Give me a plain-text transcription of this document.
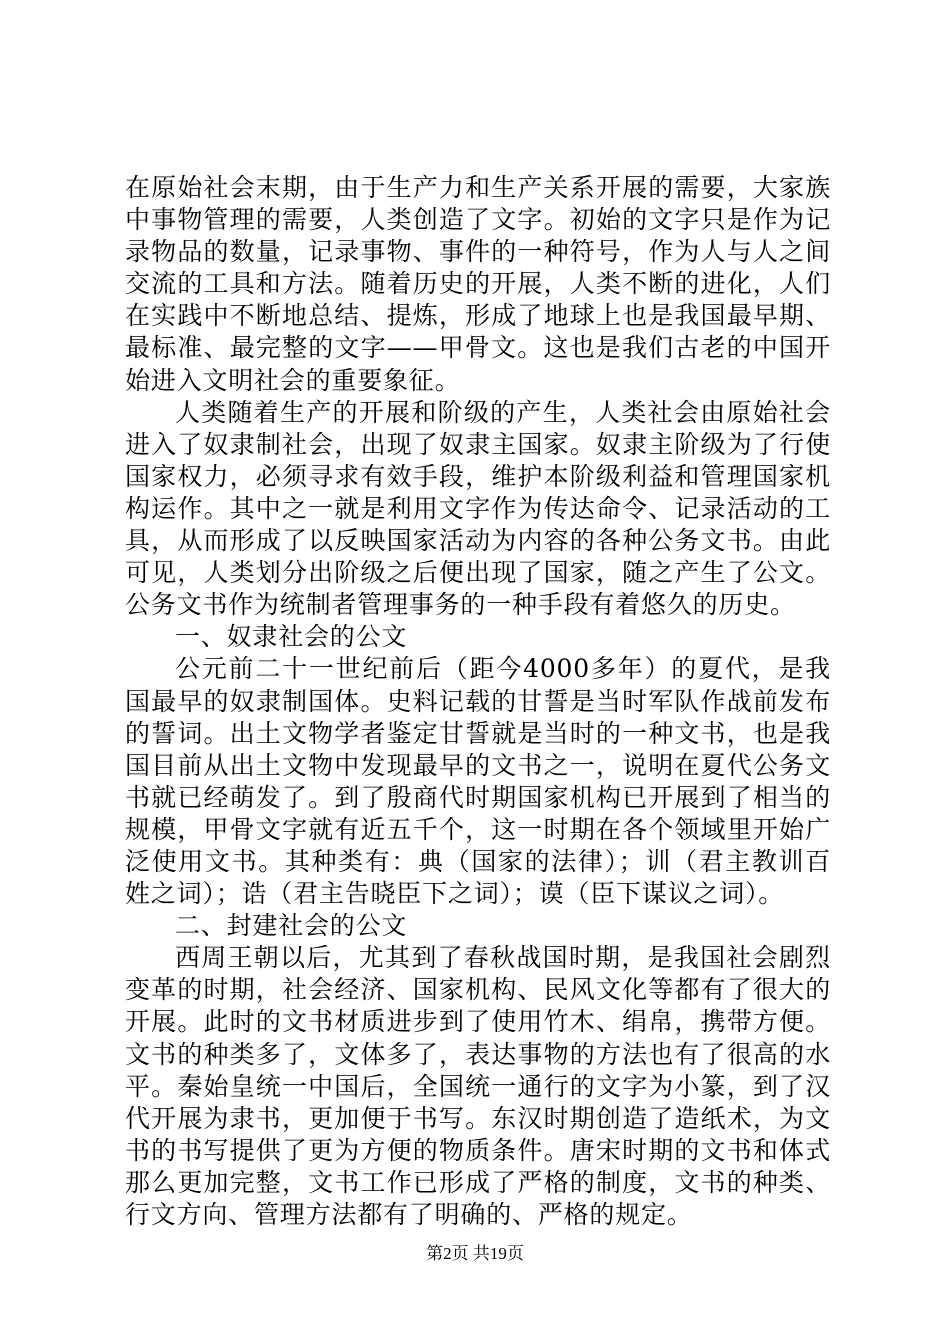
在原始社会末期，由于生产力和生产关系开展的需要，大家族中事物管理的需要，人类创造了文字。初始的文字只是作为记录物品的数量，记录事物、事件的一种符号，作为人与人之间交流的工具和方法。随着历史的开展，人类不断的进化，人们在实践中不断地总结、提炼，形成了地球上也是我国最早期、最标准、最完整的文字——甲骨文。这也是我们古老的中国开始进入文明社会的重要象征。

人类随着生产的开展和阶级的产生，人类社会由原始社会进入了奴隶制社会，出现了奴隶主国家。奴隶主阶级为了行使国家权力，必须寻求有效手段，维护本阶级利益和管理国家机构运作。其中之一就是利用文字作为传达命令、记录活动的工具，从而形成了以反映国家活动为内容的各种公务文书。由此可见，人类划分出阶级之后便出现了国家，随之产生了公文。公务文书作为统制者管理事务的一种手段有着悠久的历史。

一、奴隶社会的公文

公元前二十一世纪前后（距今4000多年）的夏代，是我国最早的奴隶制国体。史料记载的甘誓是当时军队作战前发布的誓词。出土文物学者鉴定甘誓就是当时的一种文书，也是我国目前从出土文物中发现最早的文书之一，说明在夏代公务文书就已经萌发了。到了殷商代时期国家机构已开展到了相当的规模，甲骨文字就有近五千个，这一时期在各个领域里开始广泛使用文书。其种类有：典（国家的法律）；训（君主教训百姓之词）；诰（君主告晓臣下之词）；谟（臣下谋议之词）。

二、封建社会的公文

西周王朝以后，尤其到了春秋战国时期，是我国社会剧烈变革的时期，社会经济、国家机构、民风文化等都有了很大的开展。此时的文书材质进步到了使用竹木、绢帛，携带方便。文书的种类多了，文体多了，表达事物的方法也有了很高的水平。秦始皇统一中国后，全国统一通行的文字为小篆，到了汉代开展为隶书，更加便于书写。东汉时期创造了造纸术，为文书的书写提供了更为方便的物质条件。唐宋时期的文书和体式那么更加完整，文书工作已形成了严格的制度，文书的种类、行文方向、管理方法都有了明确的、严格的规定。

第2页 共19页
